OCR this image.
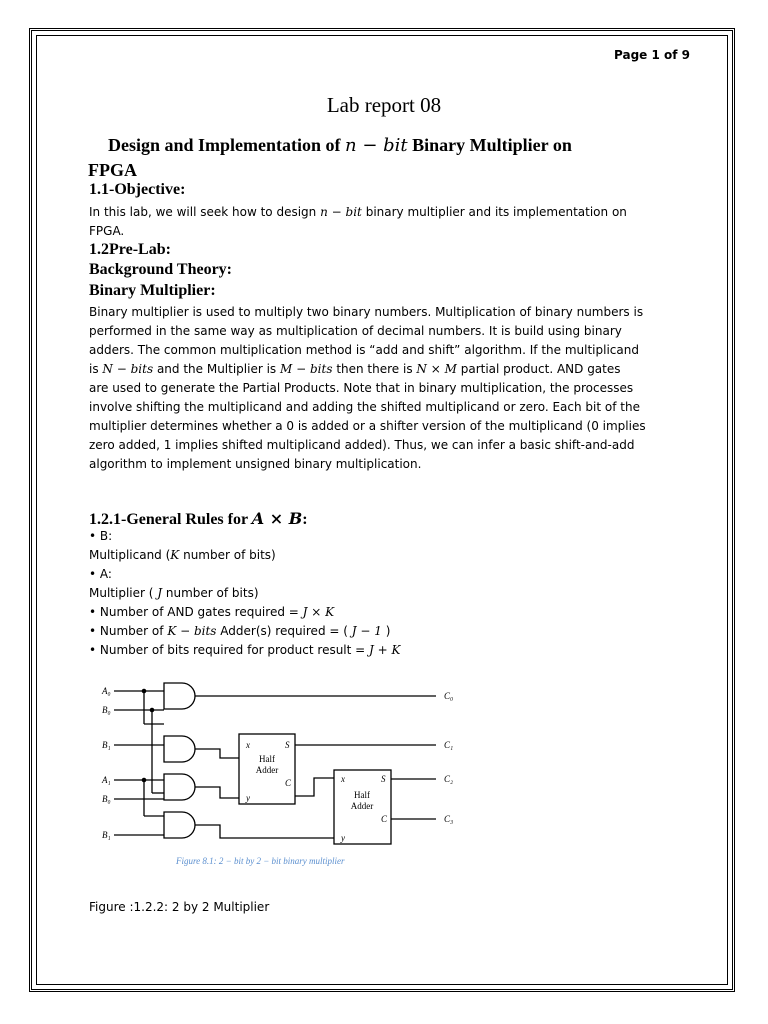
Page 1 of 9
Lab report 08
Design and Implementation of n − bit Binary Multiplier on
FPGA
1.1-Objective:
In this lab, we will seek how to design n − bit binary multiplier and its implementation on
FPGA.
1.2Pre-Lab:
Background Theory:
Binary Multiplier:
Binary multiplier is used to multiply two binary numbers. Multiplication of binary numbers is
performed in the same way as multiplication of decimal numbers. It is build using binary
adders. The common multiplication method is “add and shift” algorithm. If the multiplicand
is N − bits and the Multiplier is M − bits then there is N × M partial product. AND gates
are used to generate the Partial Products. Note that in binary multiplication, the processes
involve shifting the multiplicand and adding the shifted multiplicand or zero. Each bit of the
multiplier determines whether a 0 is added or a shifter version of the multiplicand (0 implies
zero added, 1 implies shifted multiplicand added). Thus, we can infer a basic shift-and-add
algorithm to implement unsigned binary multiplication.
1.2.1-General Rules for A × B:
• B:
Multiplicand (K number of bits)
• A:
Multiplier ( J number of bits)
• Number of AND gates required = J × K
• Number of K − bits Adder(s) required = ( J − 1 )
• Number of bits required for product result = J + K
A₀
B₀
B₁
A₁
B₀
B₁
C₀
C₁
C₂
C₃
x	S
y
C
Half
Adder
x	S
y
C
Half
Adder
Figure 8.1: 2 − bit by 2 − bit binary multiplier
Figure :1.2.2: 2 by 2 Multiplier
